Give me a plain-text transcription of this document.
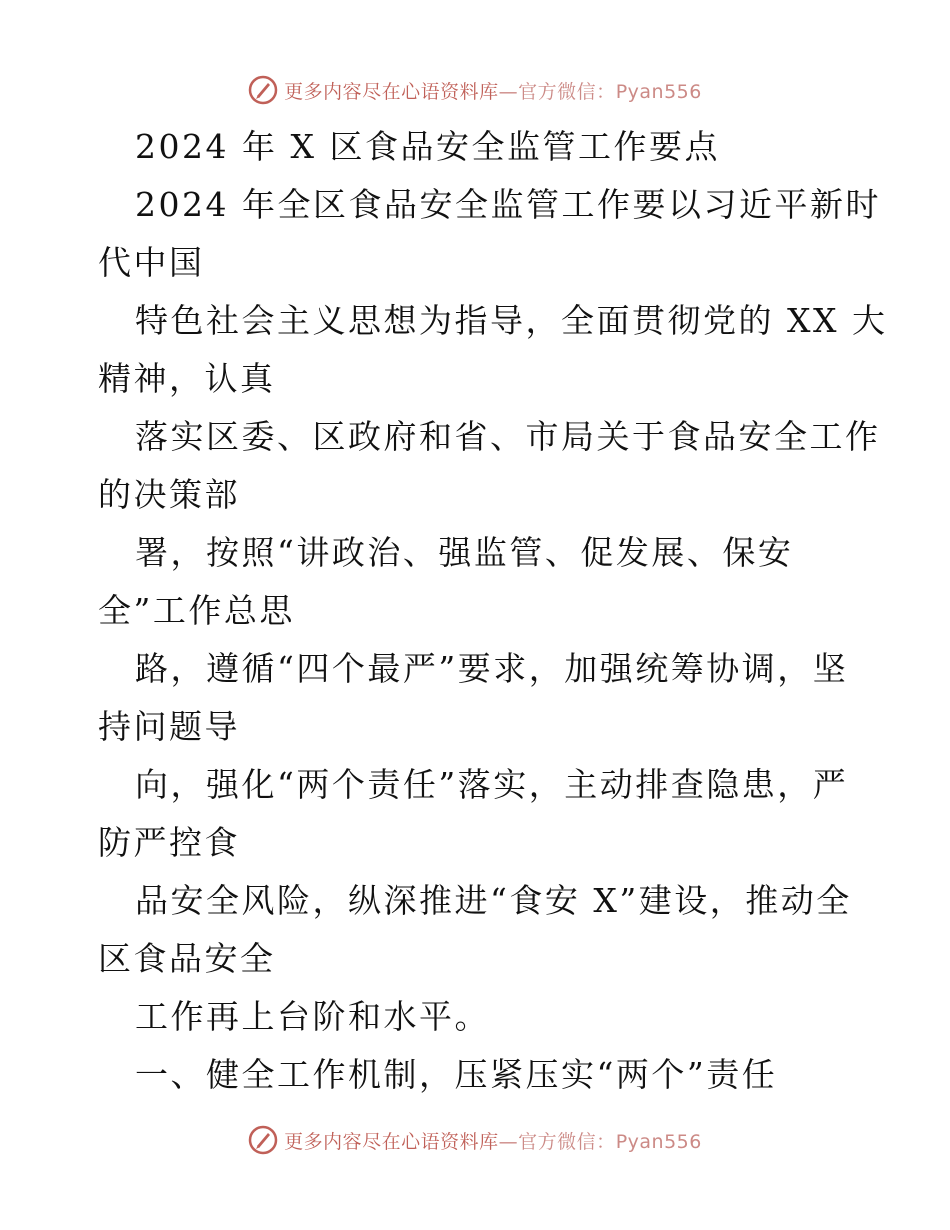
更多内容尽在心语资料库—官方微信：Pyan556
2024 年 X 区食品安全监管工作要点
2024 年全区食品安全监管工作要以习近平新时
代中国
特色社会主义思想为指导，全面贯彻党的 XX 大
精神，认真
落实区委、区政府和省、市局关于食品安全工作
的决策部
署，按照“讲政治、强监管、促发展、保安
全”工作总思
路，遵循“四个最严”要求，加强统筹协调，坚
持问题导
向，强化“两个责任”落实，主动排查隐患，严
防严控食
品安全风险，纵深推进“食安 X”建设，推动全
区食品安全
工作再上台阶和水平。
一、健全工作机制，压紧压实“两个”责任
更多内容尽在心语资料库—官方微信：Pyan556
